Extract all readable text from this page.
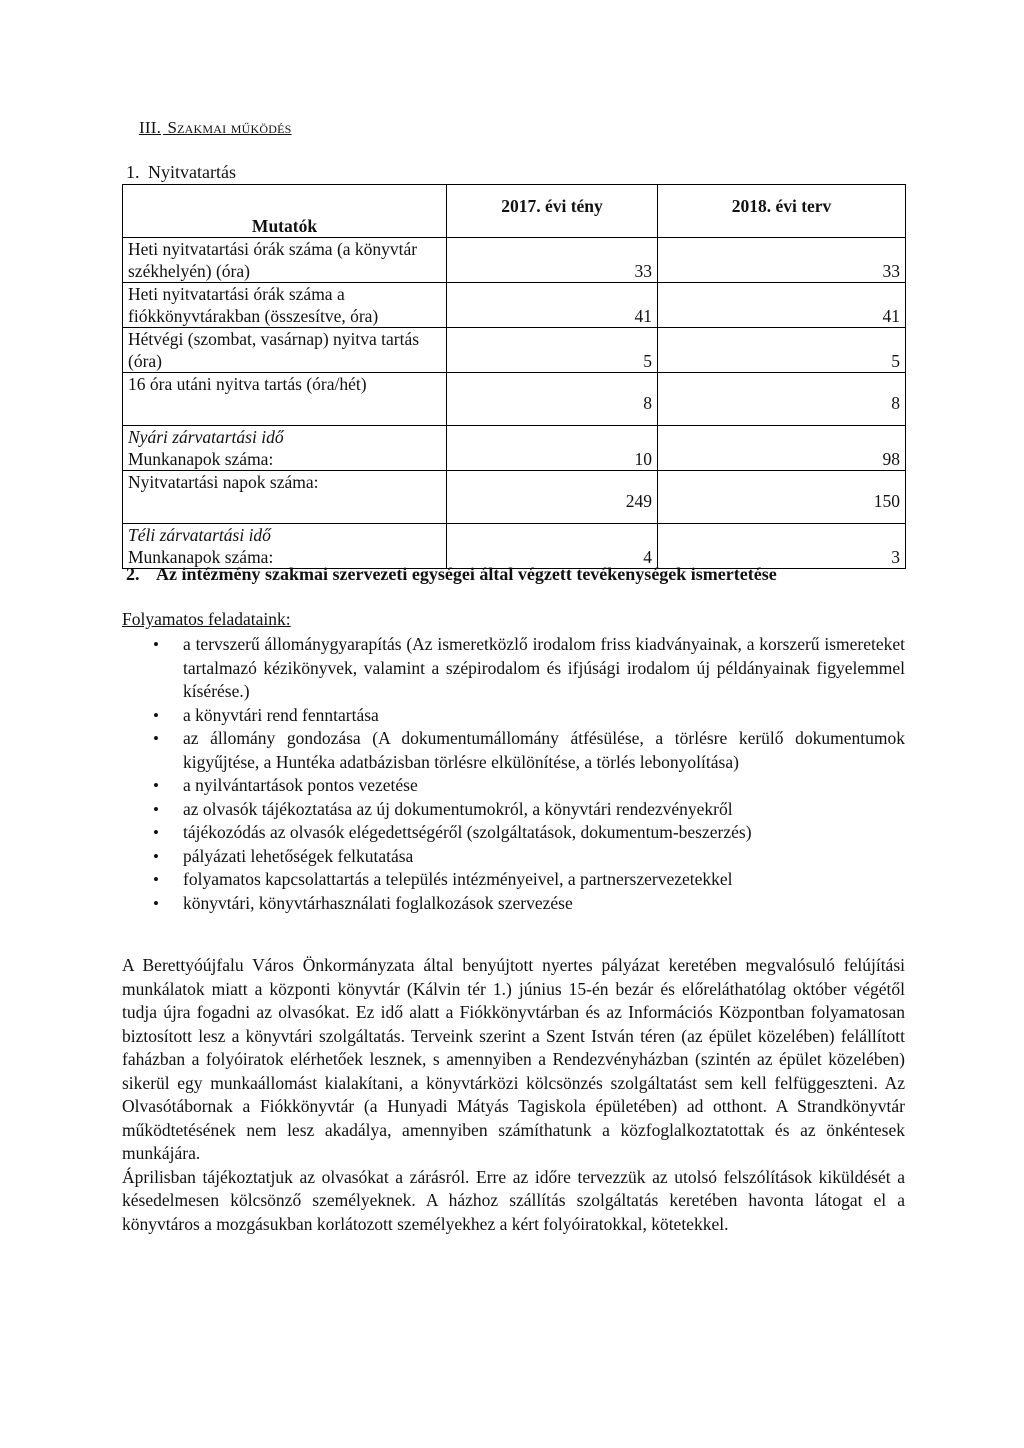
III. Szakmai működés
1. Nyitvatartás
Mutatók	2017. évi tény	2018. évi terv
Heti nyitvatartási órák száma (a könyvtár székhelyén) (óra)	33	33
Heti nyitvatartási órák száma a fiókkönyvtárakban (összesítve, óra)	41	41
Hétvégi (szombat, vasárnap) nyitva tartás (óra)	5	5
16 óra utáni nyitva tartás (óra/hét)	8	8

Nyári zárvatartási idő
Munkanapok száma:	10	98
Nyitvatartási napok száma:	249	150

Téli zárvatartási idő
Munkanapok száma:	4	3
2. Az intézmény szakmai szervezeti egységei által végzett tevékenységek ismertetése
Folyamatos feladataink:
• a tervszerű állománygyarapítás (Az ismeretközlő irodalom friss kiadványainak, a korszerű ismereteket tartalmazó kézikönyvek, valamint a szépirodalom és ifjúsági irodalom új példányainak figyelemmel kísérése.)
• a könyvtári rend fenntartása
• az állomány gondozása (A dokumentumállomány átfésülése, a törlésre kerülő dokumentumok kigyűjtése, a Huntéka adatbázisban törlésre elkülönítése, a törlés lebonyolítása)
• a nyilvántartások pontos vezetése
• az olvasók tájékoztatása az új dokumentumokról, a könyvtári rendezvényekről
• tájékozódás az olvasók elégedettségéről (szolgáltatások, dokumentum-beszerzés)
• pályázati lehetőségek felkutatása
• folyamatos kapcsolattartás a település intézményeivel, a partnerszervezetekkel
• könyvtári, könyvtárhasználati foglalkozások szervezése

A Berettyóújfalu Város Önkormányzata által benyújtott nyertes pályázat keretében megvalósuló felújítási munkálatok miatt a központi könyvtár (Kálvin tér 1.) június 15-én bezár és előreláthatólag október végétől tudja újra fogadni az olvasókat. Ez idő alatt a Fiókkönyvtárban és az Információs Központban folyamatosan biztosított lesz a könyvtári szolgáltatás. Terveink szerint a Szent István téren (az épület közelében) felállított faházban a folyóiratok elérhetőek lesznek, s amennyiben a Rendezvényházban (szintén az épület közelében) sikerül egy munkaállomást kialakítani, a könyvtárközi kölcsönzés szolgáltatást sem kell felfüggeszteni. Az Olvasótábornak a Fiókkönyvtár (a Hunyadi Mátyás Tagiskola épületében) ad otthont. A Strandkönyvtár működtetésének nem lesz akadálya, amennyiben számíthatunk a közfoglalkoztatottak és az önkéntesek munkájára.

Áprilisban tájékoztatjuk az olvasókat a zárásról. Erre az időre tervezzük az utolsó felszólítások kiküldését a késedelmesen kölcsönző személyeknek. A házhoz szállítás szolgáltatás keretében havonta látogat el a könyvtáros a mozgásukban korlátozott személyekhez a kért folyóiratokkal, kötetekkel.
